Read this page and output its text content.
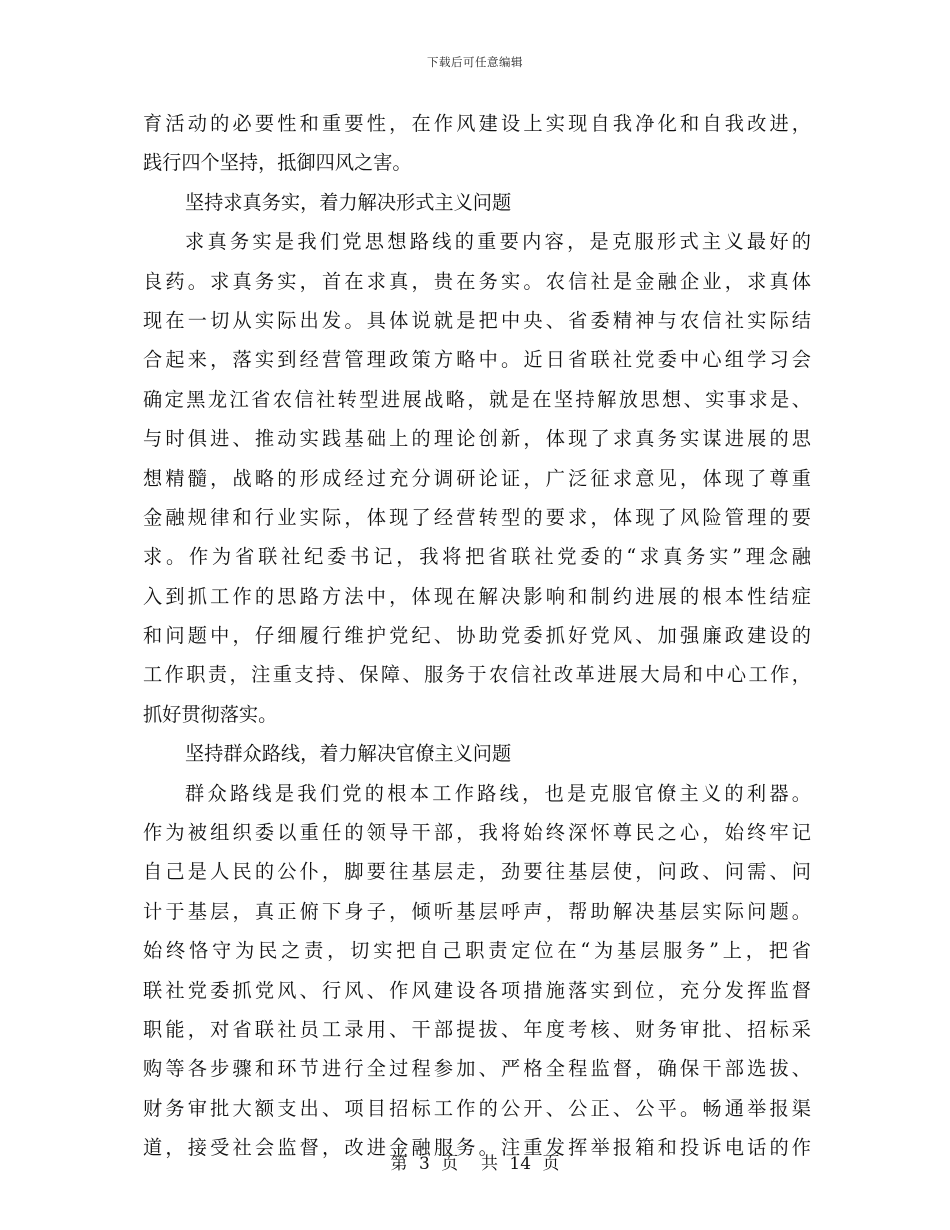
下载后可任意编辑
育活动的必要性和重要性，在作风建设上实现自我净化和自我改进，
践行四个坚持，抵御四风之害。
坚持求真务实，着力解决形式主义问题
求真务实是我们党思想路线的重要内容，是克服形式主义最好的
良药。求真务实，首在求真，贵在务实。农信社是金融企业，求真体
现在一切从实际出发。具体说就是把中央、省委精神与农信社实际结
合起来，落实到经营管理政策方略中。近日省联社党委中心组学习会
确定黑龙江省农信社转型进展战略，就是在坚持解放思想、实事求是、
与时俱进、推动实践基础上的理论创新，体现了求真务实谋进展的思
想精髓，战略的形成经过充分调研论证，广泛征求意见，体现了尊重
金融规律和行业实际，体现了经营转型的要求，体现了风险管理的要
求。作为省联社纪委书记，我将把省联社党委的“求真务实”理念融
入到抓工作的思路方法中，体现在解决影响和制约进展的根本性结症
和问题中，仔细履行维护党纪、协助党委抓好党风、加强廉政建设的
工作职责，注重支持、保障、服务于农信社改革进展大局和中心工作，
抓好贯彻落实。
坚持群众路线，着力解决官僚主义问题
群众路线是我们党的根本工作路线，也是克服官僚主义的利器。
作为被组织委以重任的领导干部，我将始终深怀尊民之心，始终牢记
自己是人民的公仆，脚要往基层走，劲要往基层使，问政、问需、问
计于基层，真正俯下身子，倾听基层呼声，帮助解决基层实际问题。
始终恪守为民之责，切实把自己职责定位在“为基层服务”上，把省
联社党委抓党风、行风、作风建设各项措施落实到位，充分发挥监督
职能，对省联社员工录用、干部提拔、年度考核、财务审批、招标采
购等各步骤和环节进行全过程参加、严格全程监督，确保干部选拔、
财务审批大额支出、项目招标工作的公开、公正、公平。畅通举报渠
道，接受社会监督，改进金融服务。注重发挥举报箱和投诉电话的作
第 3 页  共 14 页
